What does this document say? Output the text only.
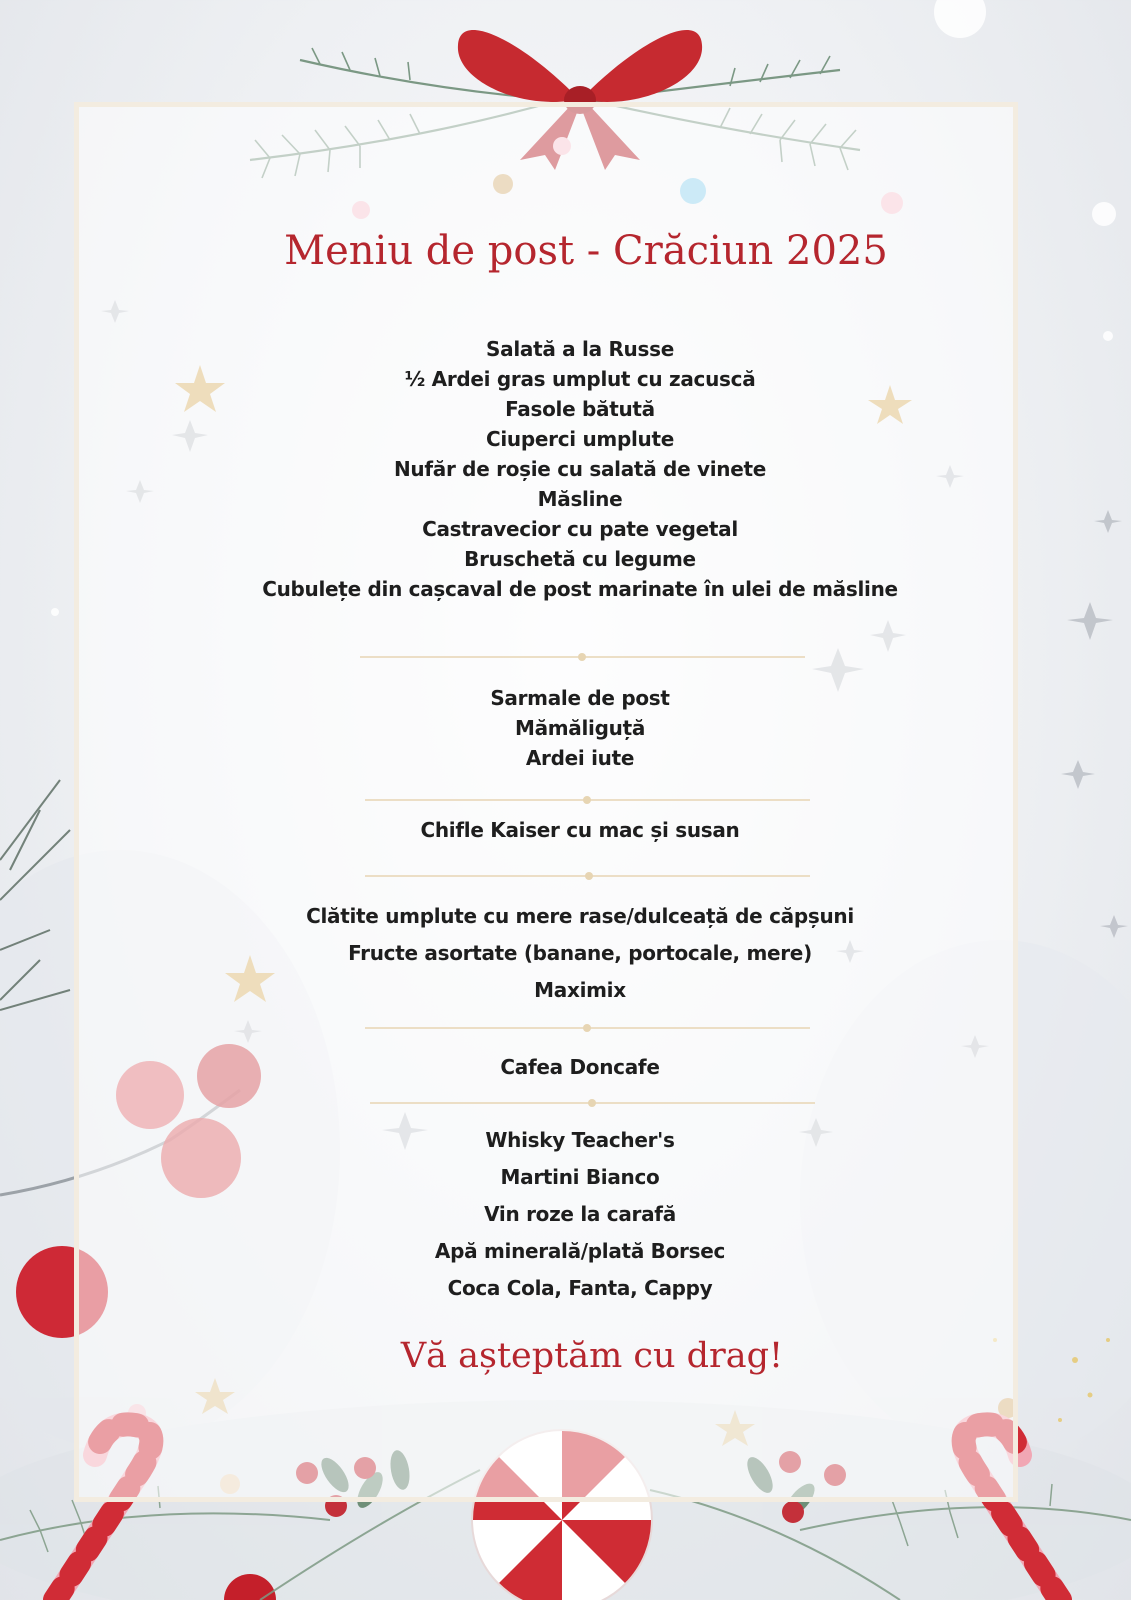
Meniu de post - Crăciun 2025
Salată a la Russe
½ Ardei gras umplut cu zacuscă
Fasole bătută
Ciuperci umplute
Nufăr de roșie cu salată de vinete
Măsline
Castravecior cu pate vegetal
Bruschetă cu legume
Cubulețe din cașcaval de post marinate în ulei de măsline
Sarmale de post
Mămăliguță
Ardei iute
Chifle Kaiser cu mac și susan
Clătite umplute cu mere rase/dulceață de căpșuni
Fructe asortate (banane, portocale, mere)
Maximix
Cafea Doncafe
Whisky Teacher's
Martini Bianco
Vin roze la carafă
Apă minerală/plată Borsec
Coca Cola, Fanta, Cappy

Vă așteptăm cu drag!
